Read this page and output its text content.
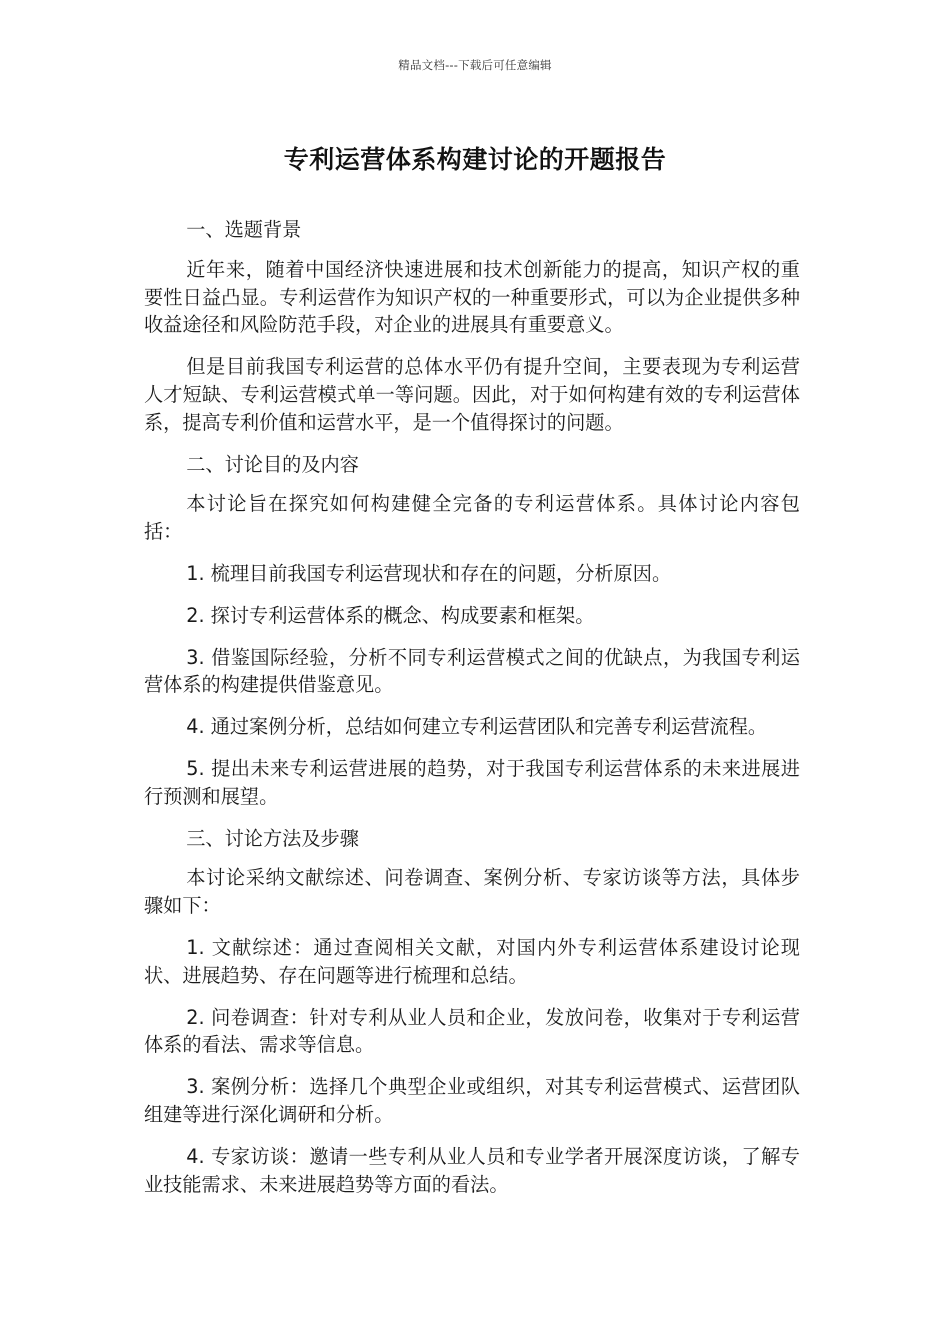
精品文档---下载后可任意编辑
专利运营体系构建讨论的开题报告

一、选题背景

近年来，随着中国经济快速进展和技术创新能力的提高，知识产权的重要性日益凸显。专利运营作为知识产权的一种重要形式，可以为企业提供多种收益途径和风险防范手段，对企业的进展具有重要意义。

但是目前我国专利运营的总体水平仍有提升空间，主要表现为专利运营人才短缺、专利运营模式单一等问题。因此，对于如何构建有效的专利运营体系，提高专利价值和运营水平，是一个值得探讨的问题。

二、讨论目的及内容

本讨论旨在探究如何构建健全完备的专利运营体系。具体讨论内容包括：

1. 梳理目前我国专利运营现状和存在的问题，分析原因。

2. 探讨专利运营体系的概念、构成要素和框架。

3. 借鉴国际经验，分析不同专利运营模式之间的优缺点，为我国专利运营体系的构建提供借鉴意见。

4. 通过案例分析，总结如何建立专利运营团队和完善专利运营流程。

5. 提出未来专利运营进展的趋势，对于我国专利运营体系的未来进展进行预测和展望。

三、讨论方法及步骤

本讨论采纳文献综述、问卷调查、案例分析、专家访谈等方法，具体步骤如下：

1. 文献综述：通过查阅相关文献，对国内外专利运营体系建设讨论现状、进展趋势、存在问题等进行梳理和总结。

2. 问卷调查：针对专利从业人员和企业，发放问卷，收集对于专利运营体系的看法、需求等信息。

3. 案例分析：选择几个典型企业或组织，对其专利运营模式、运营团队组建等进行深化调研和分析。

4. 专家访谈：邀请一些专利从业人员和专业学者开展深度访谈，了解专业技能需求、未来进展趋势等方面的看法。
